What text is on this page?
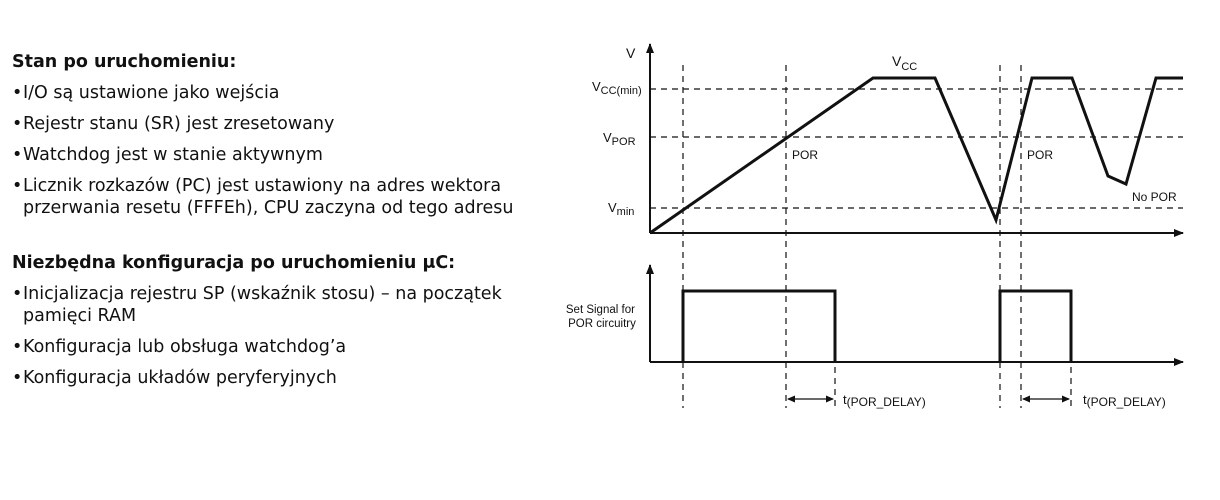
Stan po uruchomieniu:
• I/O są ustawione jako wejścia
• Rejestr stanu (SR) jest zresetowany
• Watchdog jest w stanie aktywnym
• Licznik rozkazów (PC) jest ustawiony na adres wektora przerwania resetu (FFFEh), CPU zaczyna od tego adresu
Niezbędna konfiguracja po uruchomieniu μC:
• Inicjalizacja rejestru SP (wskaźnik stosu) – na początek pamięci RAM
• Konfiguracja lub obsługa watchdog’a
• Konfiguracja układów peryferyjnych
V	$V_{CC}$
$V_{CC(min)}$
$V_{POR}$
$V_{min}$
POR	POR
No POR
Set Signal for POR circuitry
t(POR_DELAY)	t(POR_DELAY)
